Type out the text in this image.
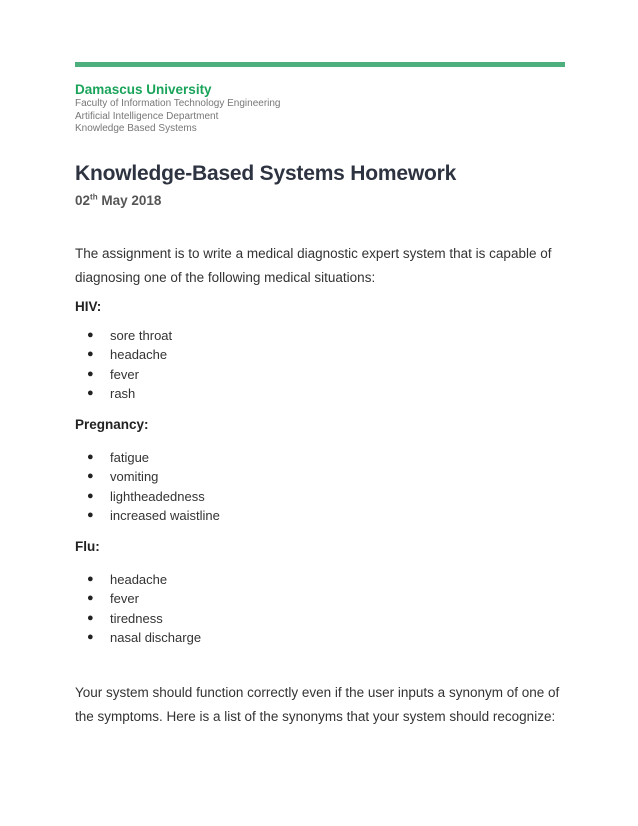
Damascus University

Faculty of Information Technology Engineering

Artificial Intelligence Department

Knowledge Based Systems

Knowledge-Based Systems Homework

02th May 2018

The assignment is to write a medical diagnostic expert system that is capable of diagnosing one of the following medical situations:

HIV:

● sore throat
● headache
● fever
● rash

Pregnancy:

● fatigue
● vomiting
● lightheadedness
● increased waistline

Flu:

● headache
● fever
● tiredness
● nasal discharge

Your system should function correctly even if the user inputs a synonym of one of the symptoms. Here is a list of the synonyms that your system should recognize:
